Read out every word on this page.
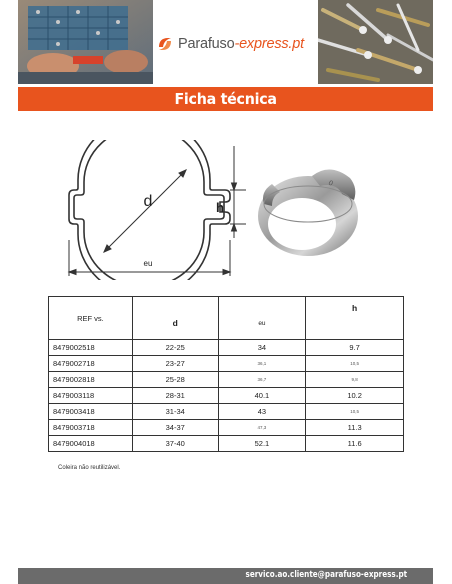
Parafuso-express.pt
Ficha técnica
d	h
eu
0
REF vs.	d	eu	h
8479002518	22-25	34	9.7
8479002718	23-27	36,1	10,5
8479002818	25-28	36,7	9,8
8479003118	28-31	40.1	10.2
8479003418	31-34	43	10,5
8479003718	34-37	47,3	11.3
8479004018	37-40	52.1	11.6
Coleira não reutilizável.
servico.ao.cliente@parafuso-express.pt
